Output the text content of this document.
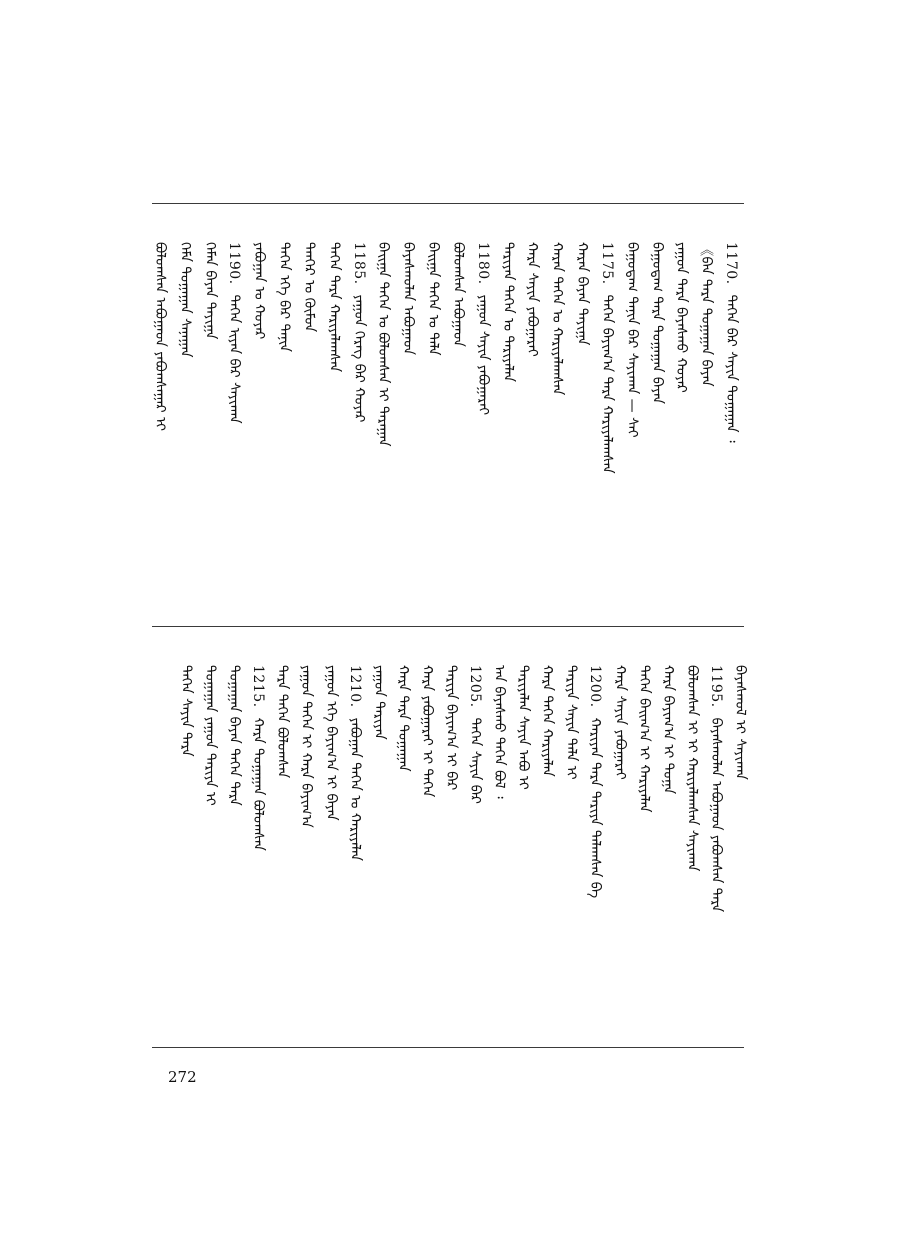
ᠪᠣᠯᠤᠭᠰᠠᠨ ᠠᠪᠤᠭᠠᠳ ᠶᠠᠪᠤᠭᠰᠠᠭᠠᠷ ᠢ ᠬᠡᠮᠡ ᠲᠣᠭᠠᠭᠠᠨ ᠰᠠᠨᠠᠭᠠᠨ ᠬᠡᠮᠡᠨ ᠪᠠᠶᠠᠨ ᠲᠠᠶᠢᠭᠠ 1190.ᠲᠡᠭᠡᠨ ᠢᠶᠡᠨ ᠪᠡᠷ ᠰᠠᠶᠢᠬᠠᠨ
ᠶᠠᠪᠤᠭᠠᠨ ᠤ ᠬᠣᠶᠠᠷ ᠲᠡᠭᠡᠨ ᠡᠬᠡ ᠪᠡᠷ ᠲᠠᠨᠢᠨ ᠲᠡᠨᠭᠡᠷ ᠤ ᠬᠥᠮᠦᠨ ᠲᠡᠭᠡᠨ ᠲᠡᠷᠡ ᠬᠠᠷᠢᠶᠠᠯᠠᠭᠰᠠᠨ 1185.ᠶᠠᠭᠤᠨ ᠬᠡᠷᠡᠭ ᠪᠡᠷ ᠬᠣᠶᠠᠷ ᠪᠠᠢᠭᠠ ᠲᠡᠭᠡᠨ ᠤ ᠪᠣᠯᠣᠭᠰᠠᠨ ᠢ ᠲᠠᠷᠠᠭᠠᠨ ᠪᠠᠶᠠᠰᠬᠤᠯᠠᠨ ᠠᠪᠤᠭᠠᠳ ᠪᠠᠢᠭᠠ ᠲᠡᠭᠡᠨ ᠤ ᠲᠠᠯᠠ ᠪᠣᠯᠤᠭᠰᠠᠨ ᠠᠪᠤᠭᠠᠳ 1180.ᠶᠠᠭᠤᠨ ᠰᠠᠶᠢᠨ ᠶᠠᠪᠤᠭᠠᠷᠠᠢ ᠲᠠᠷᠢᠶᠠᠨ ᠲᠡᠭᠡᠨ ᠤ ᠲᠠᠷᠢᠶᠠᠯᠠᠨ ᠬᠠᠷᠠ ᠰᠠᠶᠢᠨ ᠶᠠᠪᠤᠭᠠᠷᠠᠢ ᠬᠠᠷᠠᠨ ᠲᠡᠭᠡᠨ ᠤ ᠬᠠᠷᠢᠶᠠᠯᠠᠭᠰᠠᠨ ᠬᠠᠷᠠᠨ ᠪᠠᠶᠠᠨ ᠲᠠᠶᠢᠭᠠ 1175.ᠲᠡᠭᠡᠨ ᠪᠠᠶᠢᠭ᠎ᠠ ᠲᠡᠷᠡ ᠬᠠᠷᠢᠶᠠᠯᠠᠭᠰᠠᠨ ᠪᠠᠭᠤᠳᠠᠭ ᠲᠠᠨᠢᠨ ᠪᠡᠷ ᠰᠠᠶᠢᠬᠠᠨ — ᠰᠡᠶ ᠪᠠᠭᠤᠳᠠᠭ ᠲᠡᠷᠡ ᠲᠣᠭᠠᠭᠠᠨ ᠪᠠᠶᠠᠨ ᠶᠠᠭᠤᠨ ᠲᠡᠷᠡ ᠪᠠᠶᠠᠰᠬᠤ ᠬᠣᠶᠠᠷ 《ᠪᠠᠨ ᠲᠡᠷᠡ ᠲᠣᠭᠠᠭᠠᠨ ᠪᠠᠶᠠᠨ 1170.ᠲᠡᠭᠡᠨ ᠪᠡᠷ ᠰᠠᠶᠢᠨ ᠲᠣᠭᠠᠭᠠᠨ ᠄
ᠲᠡᠭᠡᠨ ᠰᠠᠶᠢᠨ ᠲᠡᠷᠡ ᠲᠣᠭᠠᠭᠠᠨ ᠶᠠᠭᠤᠨ ᠲᠠᠷᠢᠶᠠ ᠢ ᠲᠣᠭᠠᠭᠠᠨ ᠪᠠᠶᠠᠨ ᠲᠡᠭᠡᠨ ᠲᠡᠷᠡ 1215.ᠬᠠᠷᠠ ᠲᠣᠭᠠᠭᠠᠨ ᠪᠣᠯᠣᠭᠰᠠᠨ ᠲᠡᠷᠡ ᠲᠡᠭᠡᠨ ᠪᠣᠯᠣᠭᠰᠠᠨ ᠶᠠᠭᠤᠨ ᠲᠡᠭᠡᠨ ᠢ ᠬᠠᠷᠠ ᠪᠠᠶᠢᠭ᠎ᠠ ᠶᠠᠭᠤᠨ ᠡᠭᠡ ᠪᠠᠶᠢᠭ᠎ᠠ ᠢ ᠪᠠᠶᠠᠨ 1210.ᠶᠠᠪᠤᠭᠠᠨ ᠲᠡᠭᠡᠨ ᠤ ᠬᠠᠷᠢᠶᠠᠯᠠᠨ
ᠶᠠᠭᠤᠨ ᠲᠠᠷᠢᠶᠠᠨ ᠬᠠᠷᠠ ᠲᠡᠷᠡ ᠲᠣᠭᠠᠭᠠᠨ ᠬᠠᠷᠠ ᠶᠠᠪᠤᠭᠠᠷᠠᠢ ᠢ ᠲᠡᠭᠡᠨ ᠲᠠᠷᠢᠶᠠ ᠪᠠᠶᠢᠭ᠎ᠠ ᠢ ᠪᠡᠷ 1205.ᠲᠡᠭᠡᠨ ᠰᠠᠶᠢᠨ ᠪᠡᠷ ᠠᠨ ᠪᠠᠶᠠᠰᠬᠤ ᠲᠡᠭᠡᠨ ᠪᠣᠯ ᠄ ᠲᠠᠷᠢᠶᠠᠯᠠᠨ ᠰᠠᠶᠢᠨ ᠠᠪᠤ ᠢ ᠬᠠᠷᠠ ᠲᠡᠭᠡᠨ ᠬᠠᠷᠢᠶᠠᠯᠠᠨ ᠲᠠᠷᠢᠶᠠ ᠰᠠᠶᠢᠨ ᠲᠠᠯᠠ ᠢ 1200.ᠬᠠᠷᠢᠶᠠᠨ ᠲᠡᠷᠡ ᠲᠠᠷᠢᠶᠠ ᠲᠠᠯᠠᠭᠰᠠᠨ ᠪᠡ ᠬᠠᠷᠠ ᠰᠠᠶᠢᠨ ᠶᠠᠪᠤᠭᠠᠷᠠᠢ ᠲᠡᠭᠡᠨ ᠪᠠᠢᠭ᠎ᠠ ᠢ ᠬᠠᠷᠢᠶᠠᠯᠠᠨ ᠬᠠᠷᠠ ᠪᠠᠶᠢᠭ᠎ᠠ ᠢ ᠲᠣᠭᠠ ᠪᠣᠯᠣᠭᠰᠠᠨ ᠢ ᠢ ᠬᠠᠷᠢᠶᠠᠯᠠᠭᠰᠠᠨ ᠰᠠᠶᠢᠬᠠᠨ 1195.ᠪᠠᠶᠠᠰᠬᠤᠯᠠᠨ ᠠᠪᠤᠭᠠᠳ ᠶᠠᠪᠤᠭᠰᠠᠨ ᠲᠡᠷᠡ ᠪᠠᠶᠠᠰᠬᠤᠯ ᠢ ᠰᠠᠶᠢᠬᠠᠨ
272
